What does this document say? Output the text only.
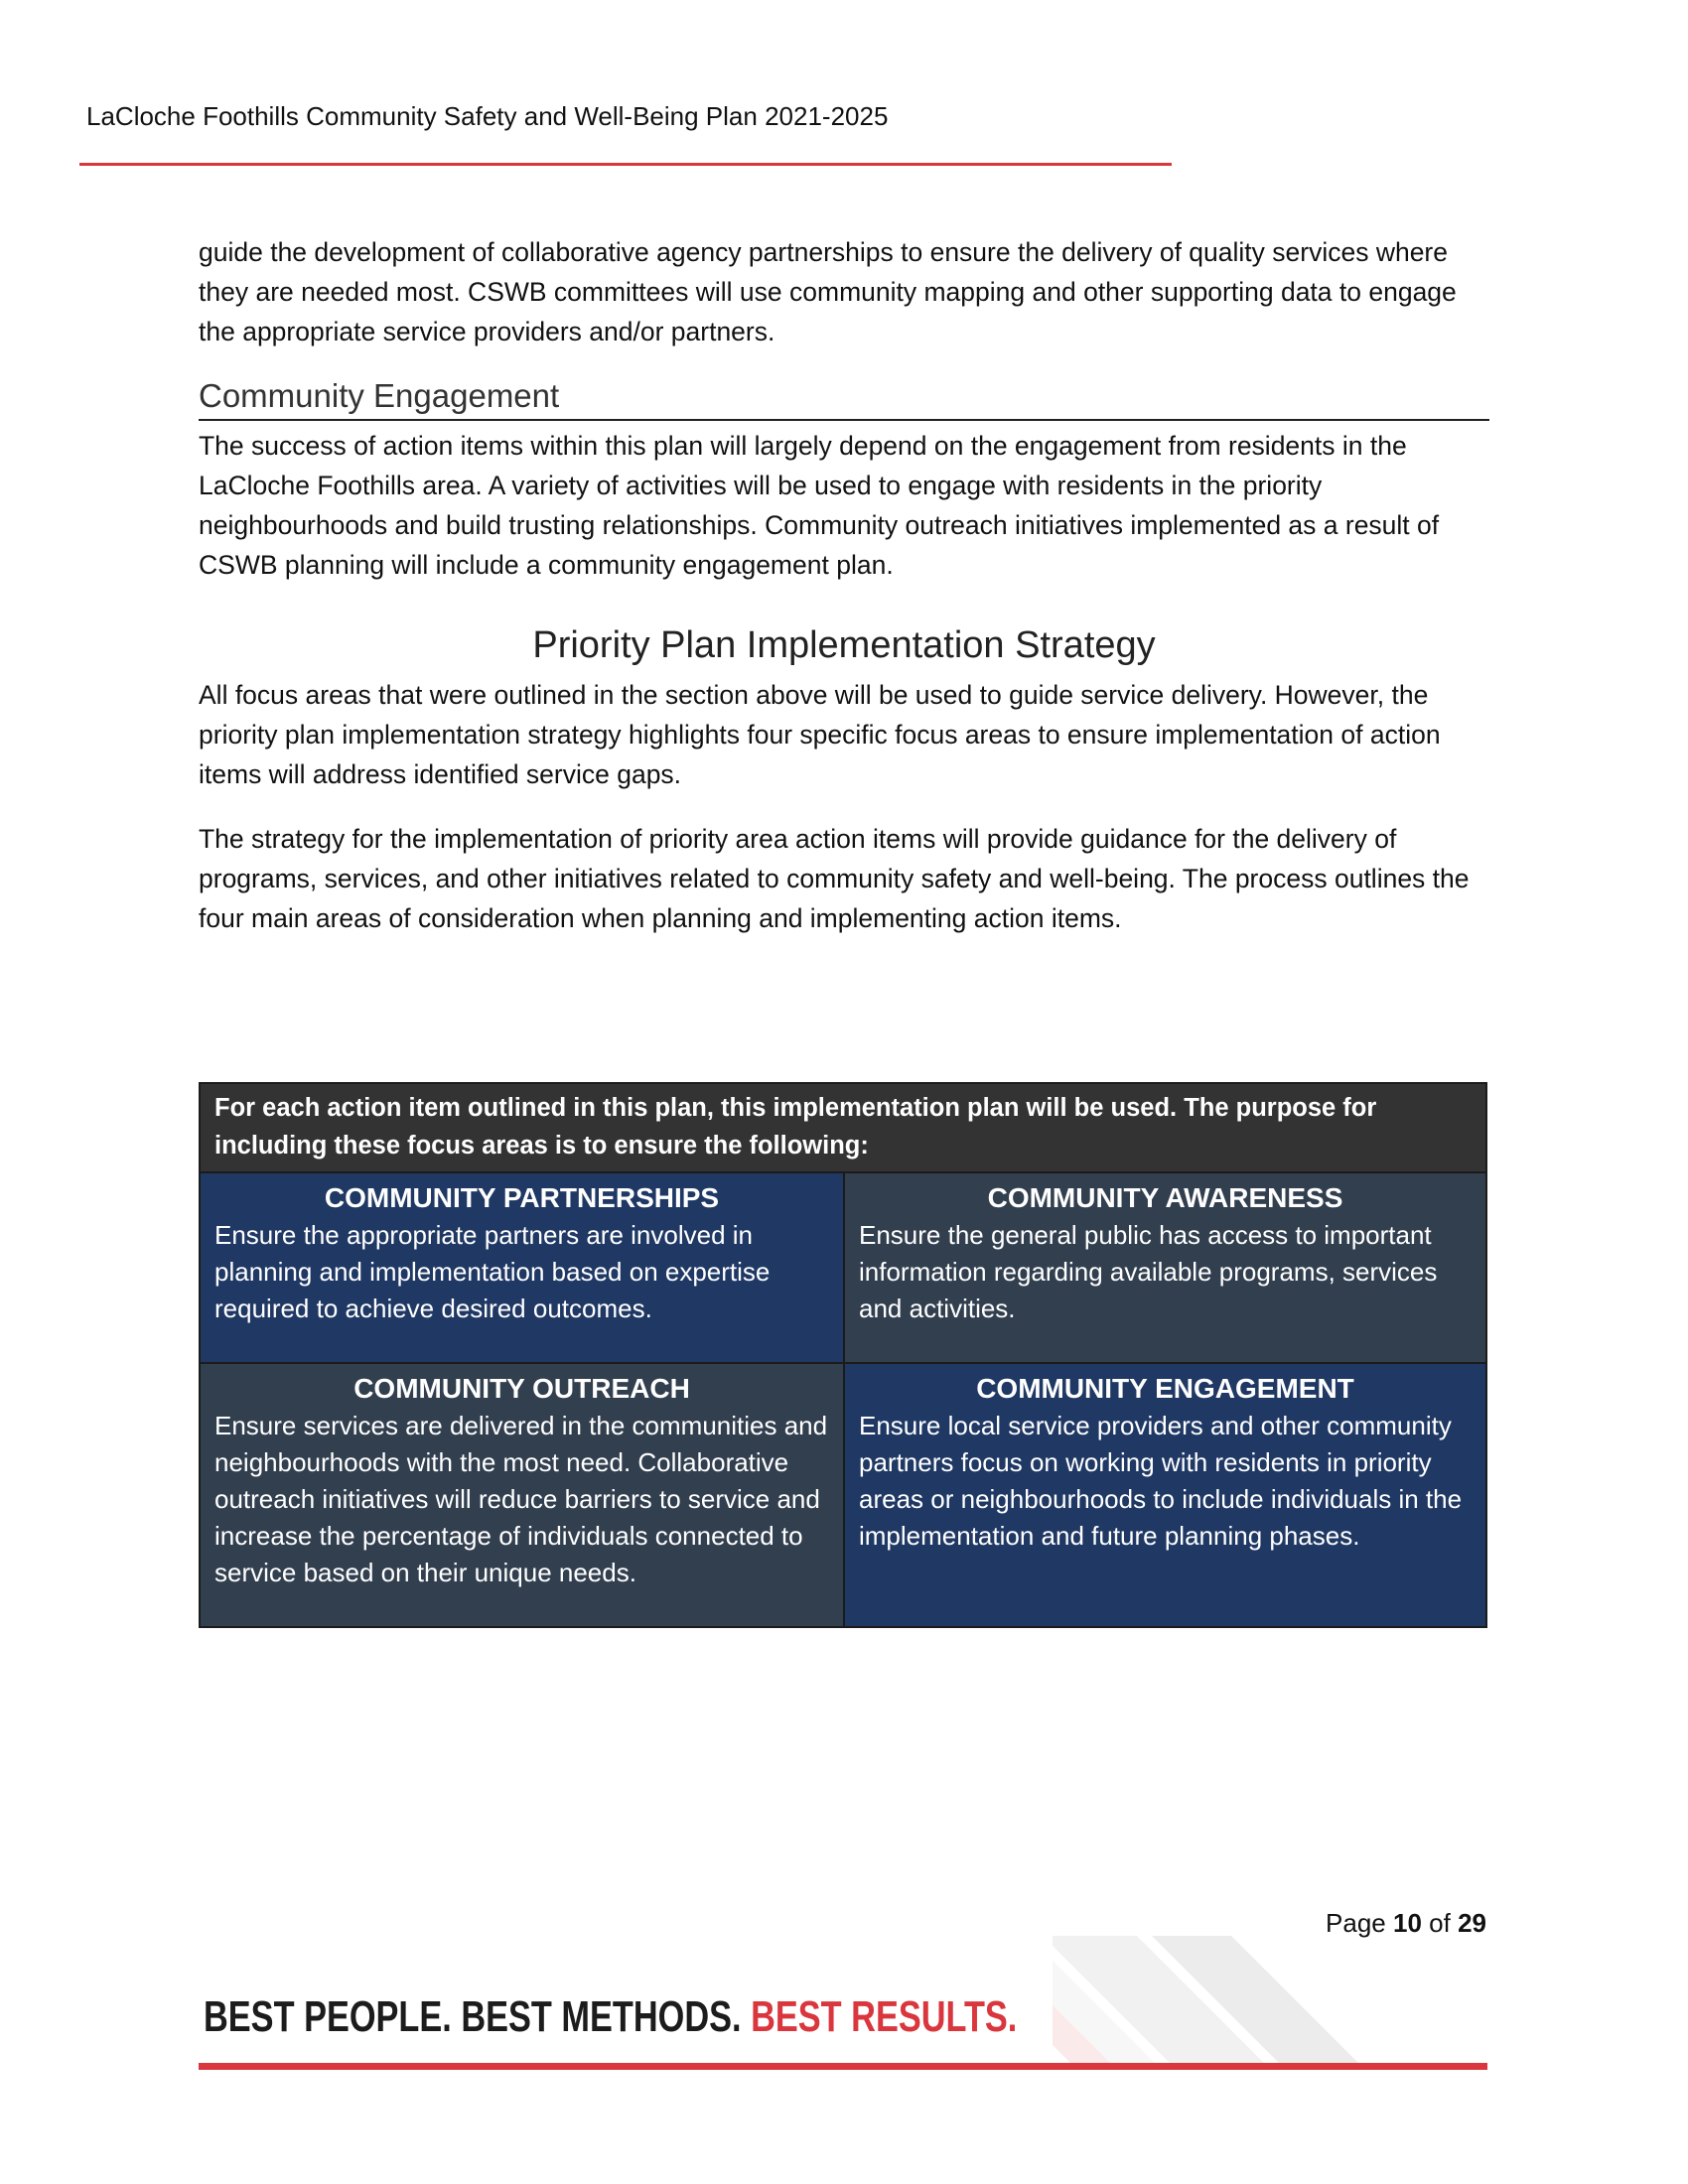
LaCloche Foothills Community Safety and Well-Being Plan 2021-2025

guide the development of collaborative agency partnerships to ensure the delivery of quality services where they are needed most. CSWB committees will use community mapping and other supporting data to engage the appropriate service providers and/or partners.

Community Engagement

The success of action items within this plan will largely depend on the engagement from residents in the LaCloche Foothills area. A variety of activities will be used to engage with residents in the priority neighbourhoods and build trusting relationships. Community outreach initiatives implemented as a result of CSWB planning will include a community engagement plan.

Priority Plan Implementation Strategy

All focus areas that were outlined in the section above will be used to guide service delivery. However, the priority plan implementation strategy highlights four specific focus areas to ensure implementation of action items will address identified service gaps.

The strategy for the implementation of priority area action items will provide guidance for the delivery of programs, services, and other initiatives related to community safety and well-being. The process outlines the four main areas of consideration when planning and implementing action items.

For each action item outlined in this plan, this implementation plan will be used. The purpose for including these focus areas is to ensure the following:
COMMUNITY PARTNERSHIPS
Ensure the appropriate partners are involved in planning and implementation based on expertise required to achieve desired outcomes.
COMMUNITY AWARENESS
Ensure the general public has access to important information regarding available programs, services and activities.
COMMUNITY OUTREACH
Ensure services are delivered in the communities and neighbourhoods with the most need. Collaborative outreach initiatives will reduce barriers to service and increase the percentage of individuals connected to service based on their unique needs.
COMMUNITY ENGAGEMENT
Ensure local service providers and other community partners focus on working with residents in priority areas or neighbourhoods to include individuals in the implementation and future planning phases.
Page 10 of 29
BEST PEOPLE. BEST METHODS. BEST RESULTS.
